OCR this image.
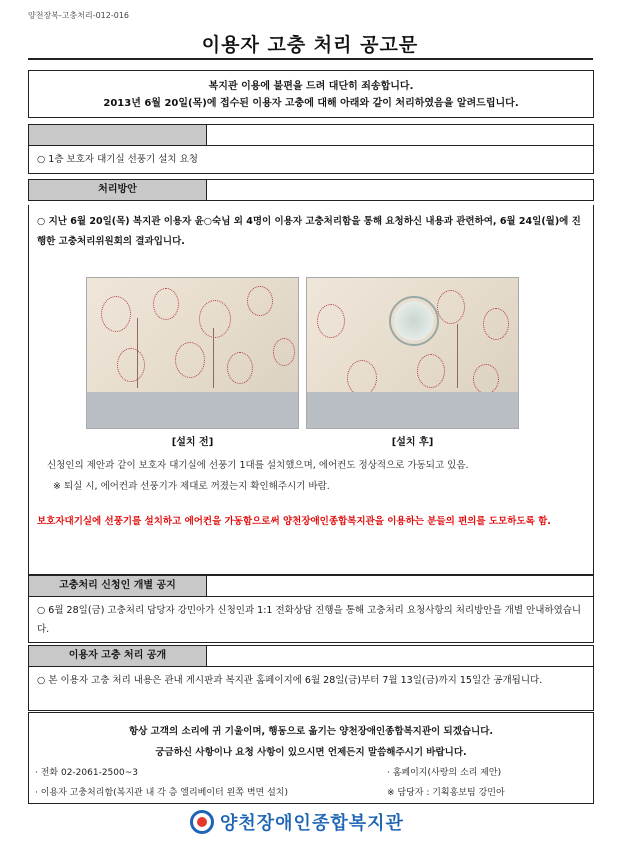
양천장복-고충처리-012-016
이용자 고충 처리 공고문
복지관 이용에 불편을 드려 대단히 죄송합니다.
2013년 6월 20일(목)에 접수된 이용자 고충에 대해 아래와 같이 처리하였음을 알려드립니다.
○ 1층 보호자 대기실 선풍기 설치 요청
처리방안
○ 지난 6월 20일(목) 복지관 이용자 윤○숙님 외 4명이 이용자 고충처리함을 통해 요청하신 내용과 관련하여, 6월 24일(월)에 진행한 고충처리위원회의 결과입니다.
[설치 전]	[설치 후]
신청인의 제안과 같이 보호자 대기실에 선풍기 1대를 설치했으며, 에어컨도 정상적으로 가동되고 있음.
※ 퇴실 시, 에어컨과 선풍기가 제대로 꺼졌는지 확인해주시기 바람.
보호자대기실에 선풍기를 설치하고 에어컨을 가동함으로써 양천장애인종합복지관을 이용하는 분들의 편의를 도모하도록 함.
고충처리 신청인 개별 공지
○ 6월 28일(금) 고충처리 담당자 강민아가 신청인과 1:1 전화상담 진행을 통해 고충처리 요청사항의 처리방안을 개별 안내하였습니다.
이용자 고충 처리 공개
○ 본 이용자 고충 처리 내용은 관내 게시판과 복지관 홈페이지에 6월 28일(금)부터 7월 13일(금)까지 15일간 공개됩니다.
항상 고객의 소리에 귀 기울이며, 행동으로 옮기는 양천장애인종합복지관이 되겠습니다.
궁금하신 사항이나 요청 사항이 있으시면 언제든지 말씀해주시기 바랍니다.
· 전화 02-2061-2500~3	· 홈페이지(사랑의 소리 제안)
· 이용자 고충처리함(복지관 내 각 층 엘리베이터 왼쪽 벽면 설치)	※ 담당자 : 기획홍보팀 강민아
양천장애인종합복지관
